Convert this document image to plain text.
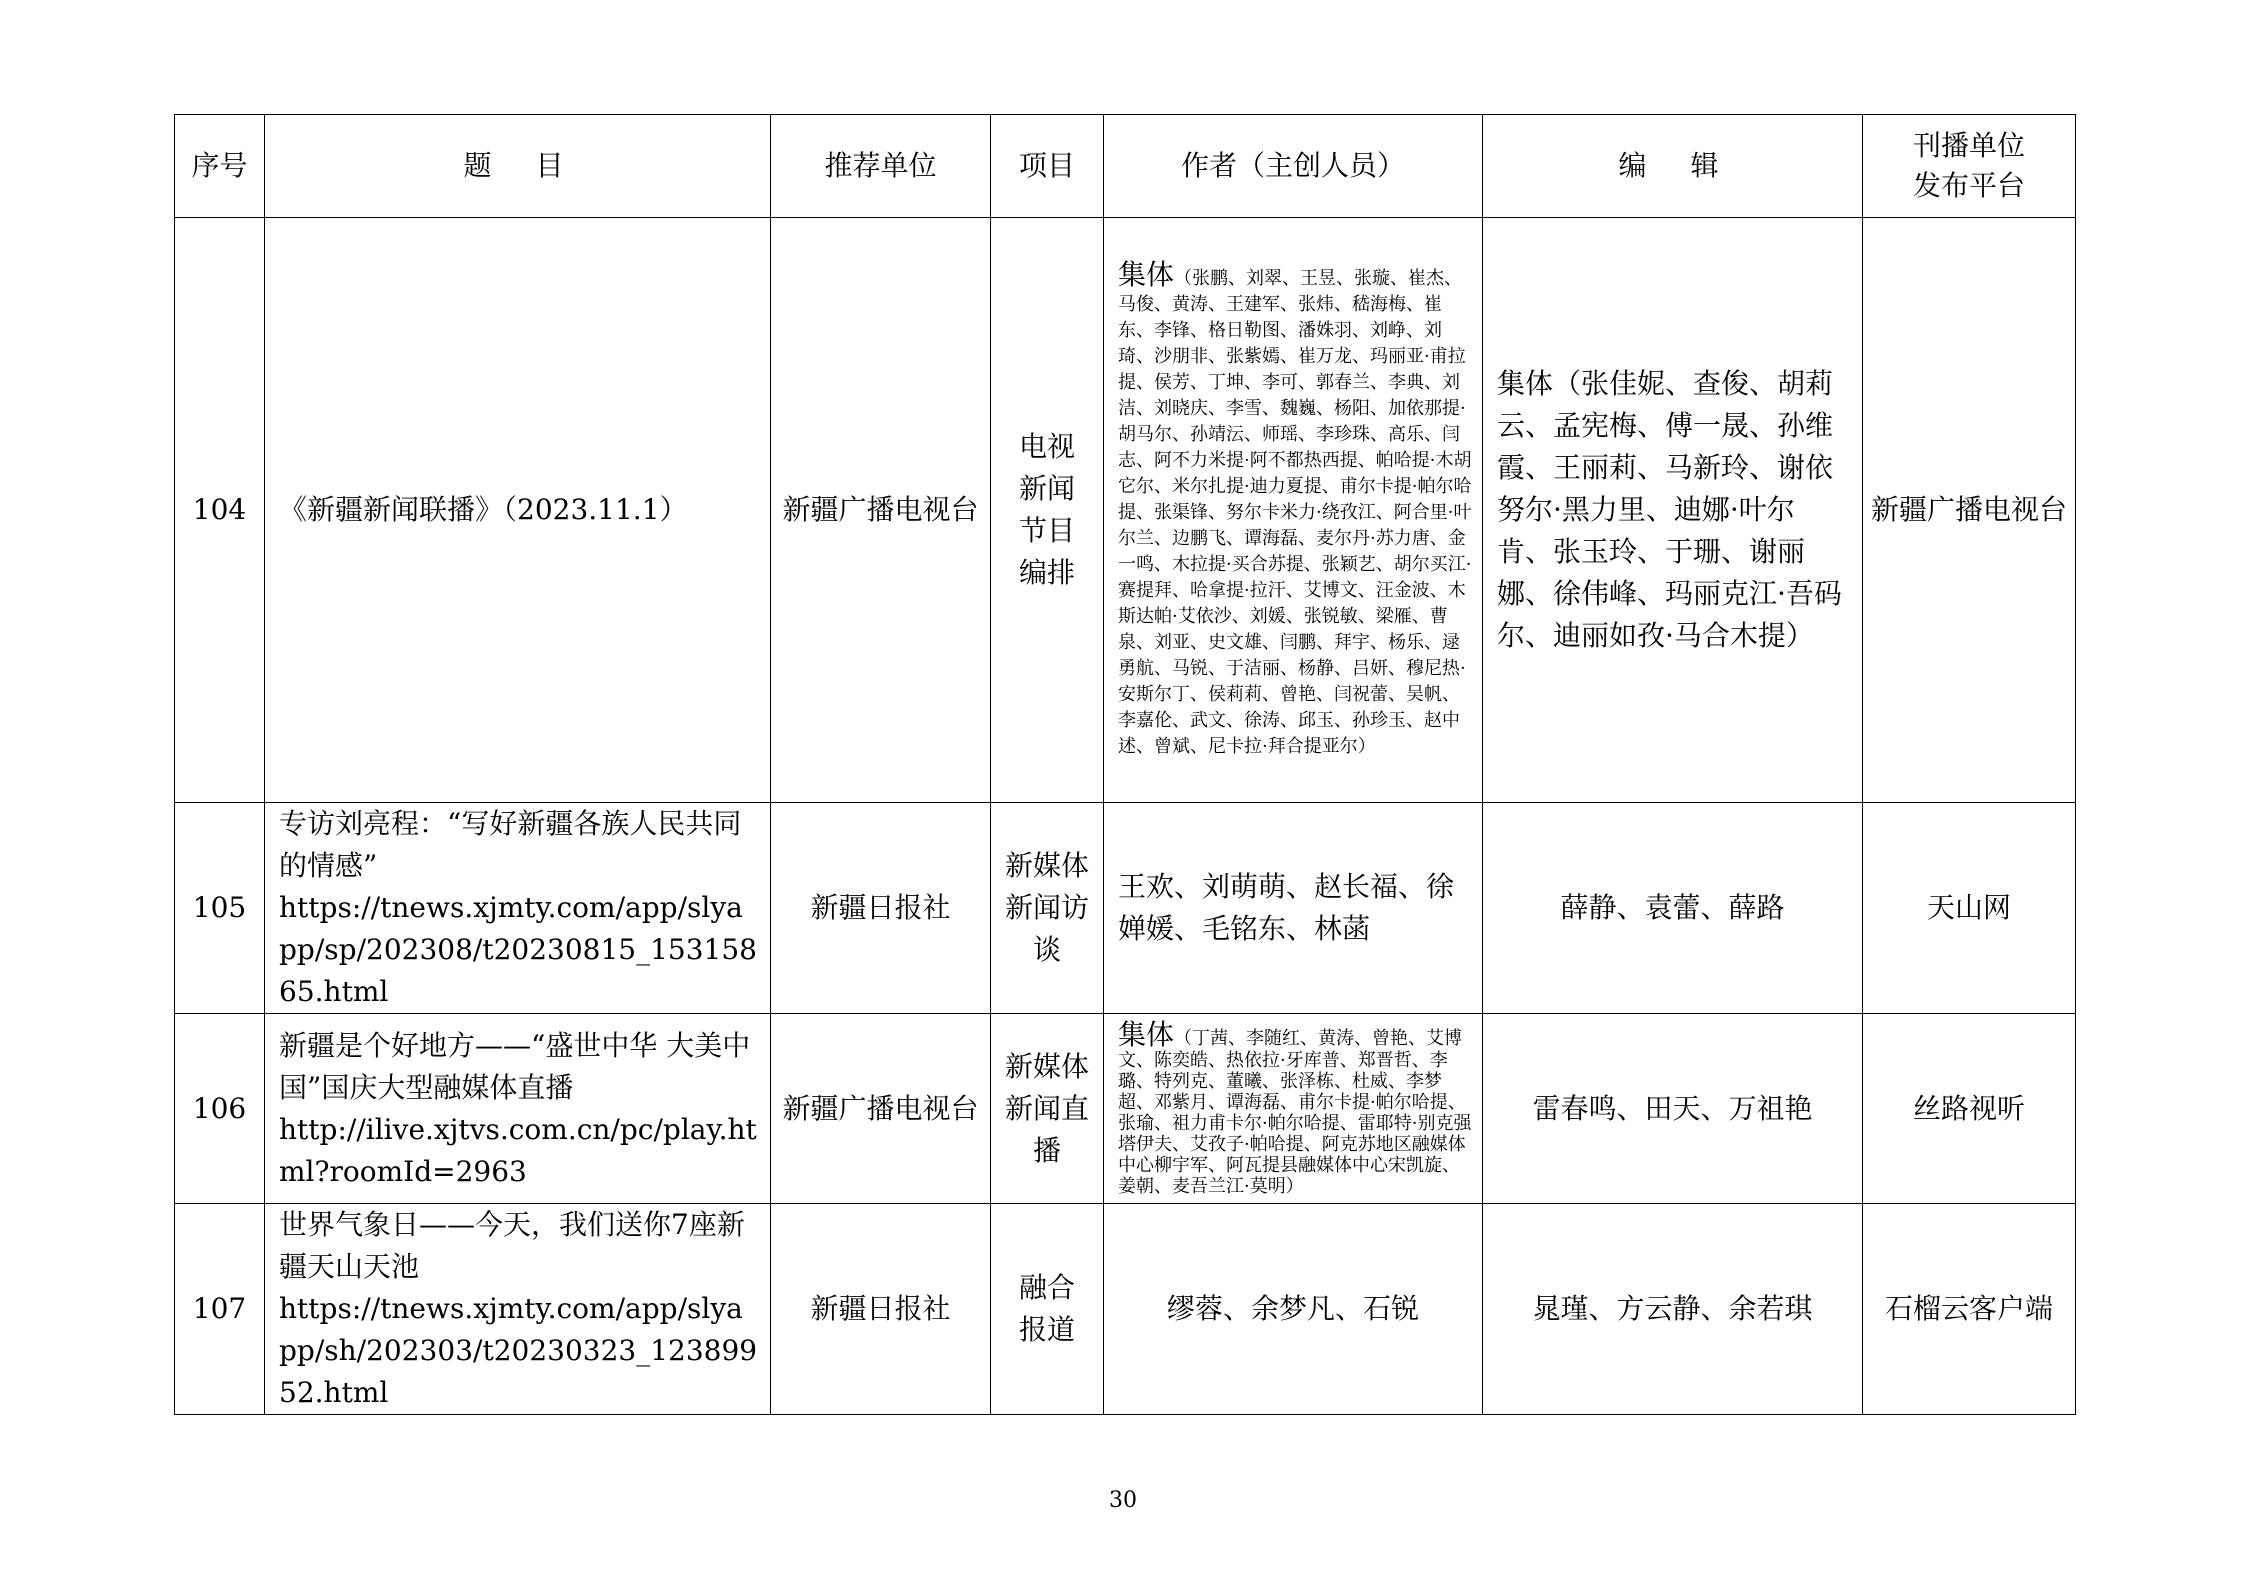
序号	题　目	推荐单位	项目	作者（主创人员）	编　辑	刊播单位
发布平台

104	《新疆新闻联播》（2023.11.1）	新疆广播电视台	电视新闻节目编排	集体（张鹏、刘翠、王昱、张璇、崔杰、马俊、黄涛、王建军、张炜、嵇海梅、崔东、李锋、格日勒图、潘姝羽、刘峥、刘琦、沙朋非、张紫嫣、崔万龙、玛丽亚·甫拉提、侯芳、丁坤、李可、郭春兰、李典、刘洁、刘晓庆、李雪、魏巍、杨阳、加依那提·胡马尔、孙靖沄、师瑶、李珍珠、高乐、闫志、阿不力米提·阿不都热西提、帕哈提·木胡它尔、米尔扎提·迪力夏提、甫尔卡提·帕尔哈提、张渠锋、努尔卡米力·绕孜江、阿合里·叶尔兰、边鹏飞、谭海磊、麦尔丹·苏力唐、金一鸣、木拉提·买合苏提、张颖艺、胡尔买江·赛提拜、哈拿提·拉汗、艾博文、汪金波、木斯达帕·艾依沙、刘媛、张锐敏、梁雁、曹泉、刘亚、史文雄、闫鹏、拜宇、杨乐、逯勇航、马锐、于洁丽、杨静、吕妍、穆尼热·安斯尔丁、侯莉莉、曾艳、闫祝蕾、吴帆、李嘉伦、武文、徐涛、邱玉、孙珍玉、赵中述、曾斌、尼卡拉·拜合提亚尔）	集体（张佳妮、查俊、胡莉云、孟宪梅、傅一晟、孙维霞、王丽莉、马新玲、谢依努尔·黑力里、迪娜·叶尔肯、张玉玲、于珊、谢丽娜、徐伟峰、玛丽克江·吾码尔、迪丽如孜·马合木提）	新疆广播电视台
105	专访刘亮程：“写好新疆各族人民共同的情感”
https://tnews.xjmty.com/app/slyapp/sp/202308/t20230815_15315865.html	新疆日报社	新媒体新闻访谈	王欢、刘萌萌、赵长福、徐婵媛、毛铭东、林菡	薛静、袁蕾、薛路	天山网
106	新疆是个好地方——“盛世中华 大美中国”国庆大型融媒体直播
http://ilive.xjtvs.com.cn/pc/play.html?roomId=2963	新疆广播电视台	新媒体新闻直播	集体（丁茜、李随红、黄涛、曾艳、艾博文、陈奕皓、热依拉·牙库普、郑晋哲、李璐、特列克、董曦、张泽栋、杜威、李梦超、邓紫月、谭海磊、甫尔卡提·帕尔哈提、张瑜、祖力甫卡尔·帕尔哈提、雷耶特·别克强塔伊夫、艾孜子·帕哈提、阿克苏地区融媒体中心柳宇军、阿瓦提县融媒体中心宋凯旋、姜朝、麦吾兰江·莫明）	雷春鸣、田天、万祖艳	丝路视听
107	世界气象日——今天，我们送你7座新疆天山天池
https://tnews.xjmty.com/app/slyapp/sh/202303/t20230323_12389952.html	新疆日报社	融合报道	缪蓉、余梦凡、石锐	晁瑾、方云静、余若琪	石榴云客户端
30
